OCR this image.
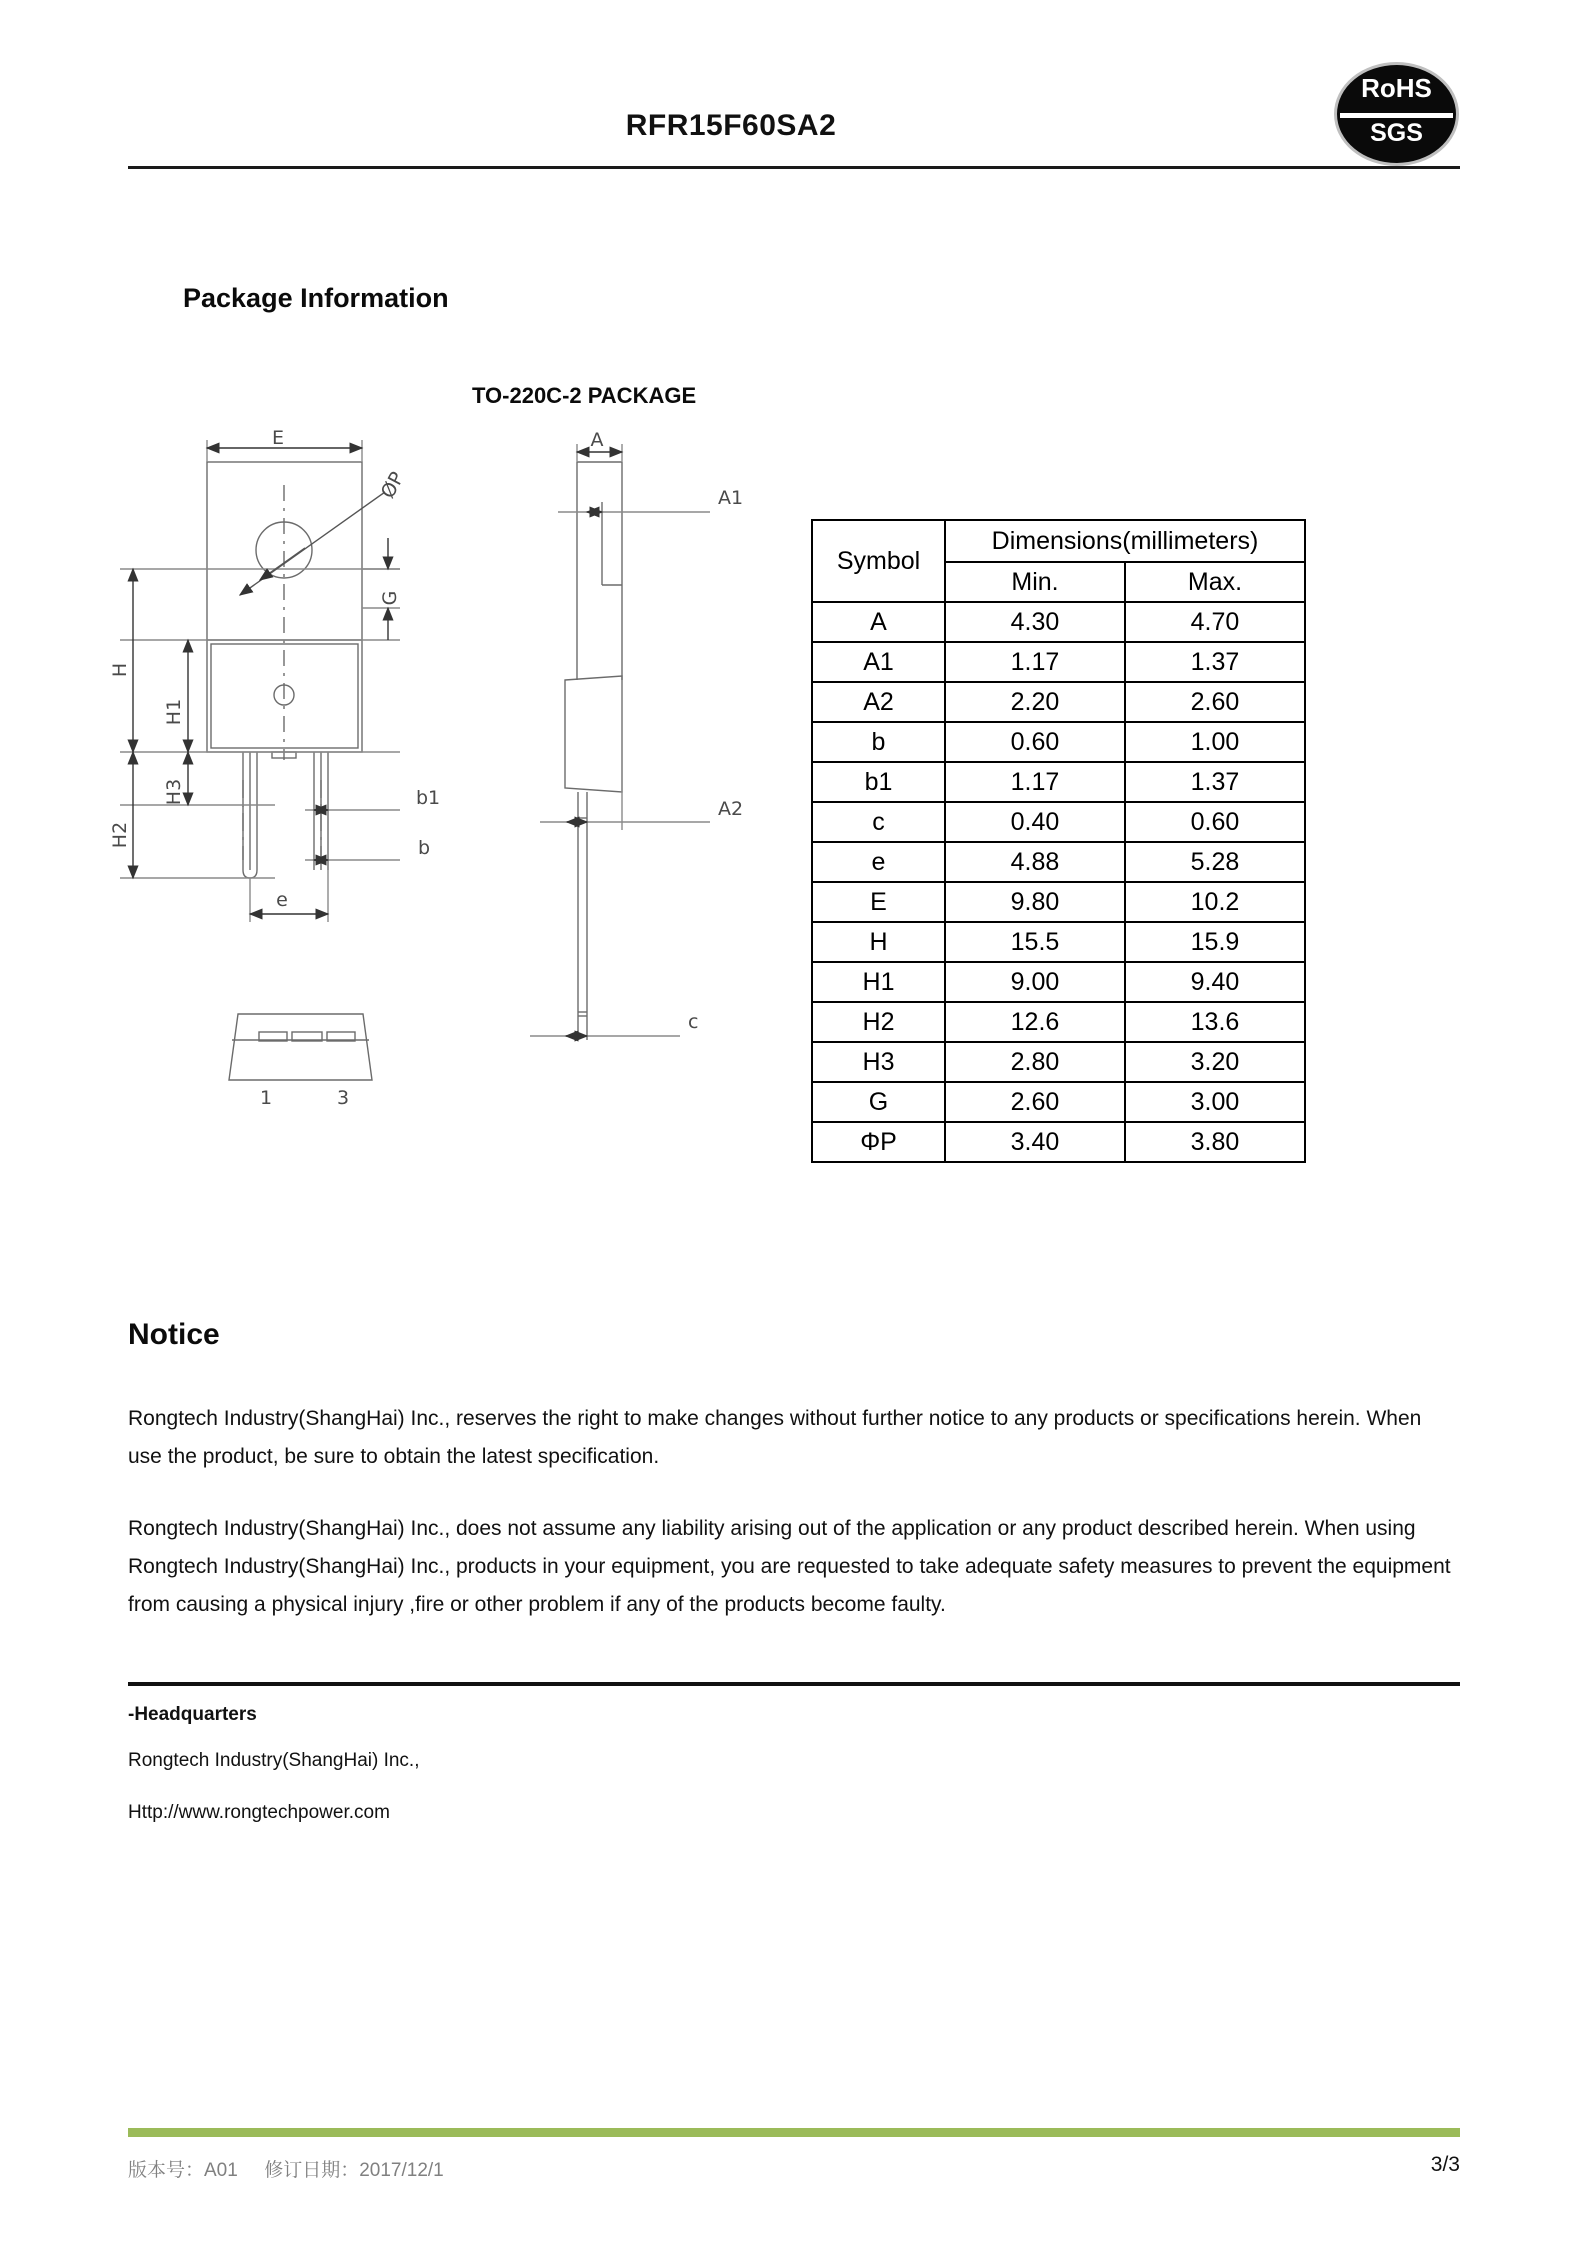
RFR15F60SA2
RoHS
SGS
Package Information
TO-220C-2 PACKAGE
E
H
H1
H3
H2
G
ØP
b1
b
e
A
A1
A2
c
1	3
Symbol	Dimensions(millimeters)	
	Min.	Max.
A	4.30	4.70
A1	1.17	1.37
A2	2.20	2.60
b	0.60	1.00
b1	1.17	1.37
c	0.40	0.60
e	4.88	5.28
E	9.80	10.2
H	15.5	15.9
H1	9.00	9.40
H2	12.6	13.6
H3	2.80	3.20
G	2.60	3.00
ΦP	3.40	3.80
Notice
Rongtech Industry(ShangHai) Inc., reserves the right to make changes without further notice to any products or specifications herein. When use the product, be sure to obtain the latest specification.
Rongtech Industry(ShangHai) Inc., does not assume any liability arising out of the application or any product described herein. When using Rongtech Industry(ShangHai) Inc., products in your equipment, you are requested to take adequate safety measures to prevent the equipment from causing a physical injury ,fire or other problem if any of the products become faulty.
-Headquarters
Rongtech Industry(ShangHai) Inc.,
Http://www.rongtechpower.com
版本号：A01     修订日期：2017/12/1	3/3
